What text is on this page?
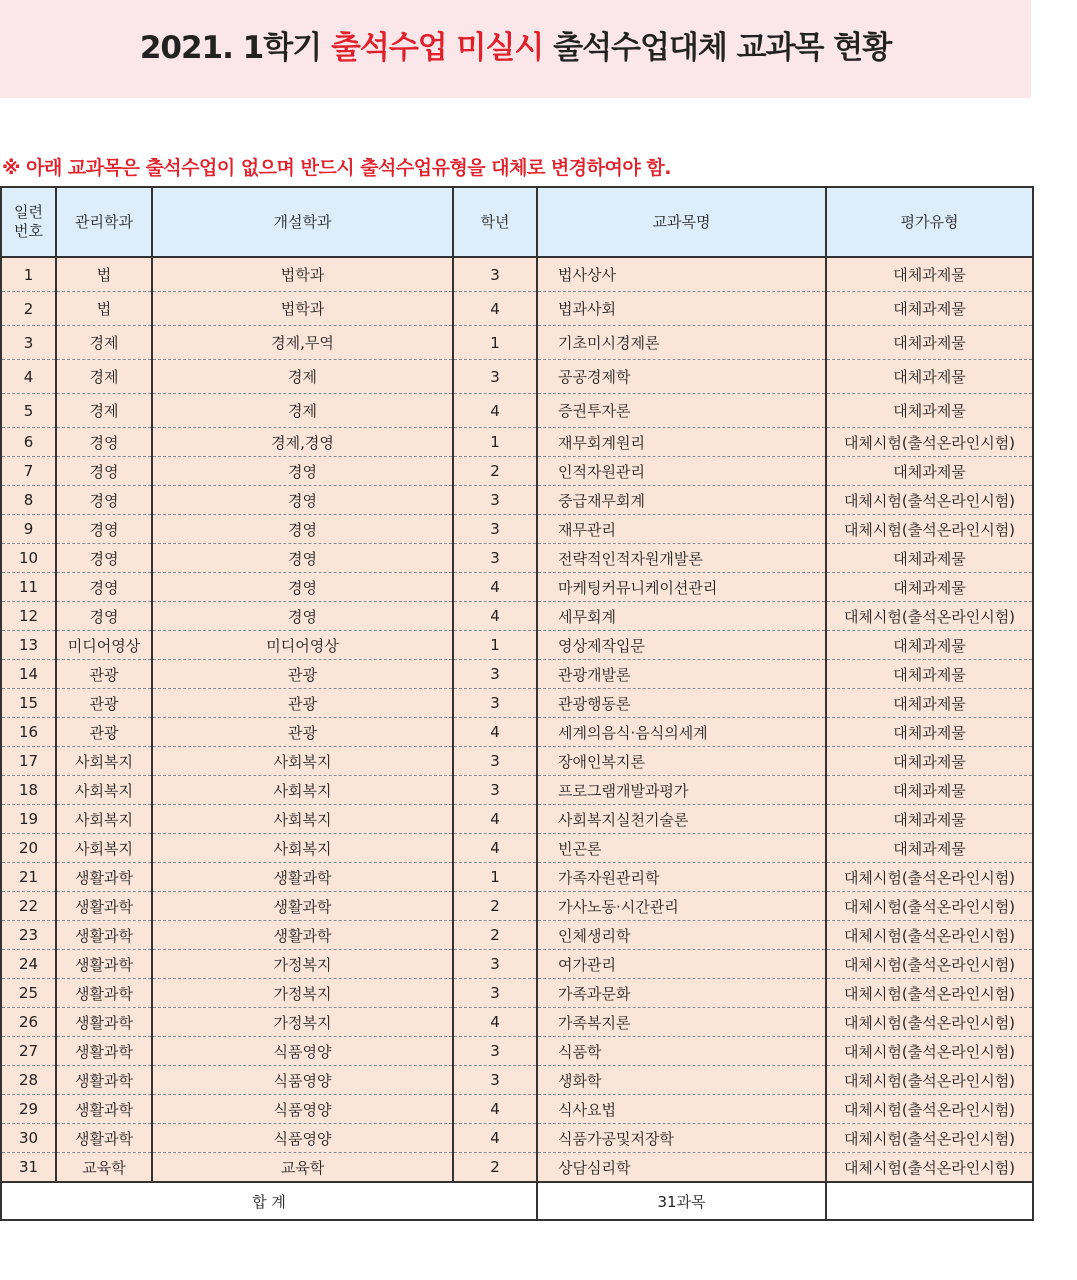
2021. 1학기 출석수업 미실시 출석수업대체 교과목 현황
※ 아래 교과목은 출석수업이 없으며 반드시 출석수업유형을 대체로 변경하여야 함.
일련
번호	관리학과	개설학과	학년	교과목명	평가유형
1	법	법학과	3	법사상사	대체과제물
2	법	법학과	4	법과사회	대체과제물
3	경제	경제,무역	1	기초미시경제론	대체과제물
4	경제	경제	3	공공경제학	대체과제물
5	경제	경제	4	증권투자론	대체과제물
6	경영	경제,경영	1	재무회계원리	대체시험(출석온라인시험)
7	경영	경영	2	인적자원관리	대체과제물
8	경영	경영	3	중급재무회계	대체시험(출석온라인시험)
9	경영	경영	3	재무관리	대체시험(출석온라인시험)
10	경영	경영	3	전략적인적자원개발론	대체과제물
11	경영	경영	4	마케팅커뮤니케이션관리	대체과제물
12	경영	경영	4	세무회계	대체시험(출석온라인시험)
13	미디어영상	미디어영상	1	영상제작입문	대체과제물
14	관광	관광	3	관광개발론	대체과제물
15	관광	관광	3	관광행동론	대체과제물
16	관광	관광	4	세계의음식·음식의세계	대체과제물
17	사회복지	사회복지	3	장애인복지론	대체과제물
18	사회복지	사회복지	3	프로그램개발과평가	대체과제물
19	사회복지	사회복지	4	사회복지실천기술론	대체과제물
20	사회복지	사회복지	4	빈곤론	대체과제물
21	생활과학	생활과학	1	가족자원관리학	대체시험(출석온라인시험)
22	생활과학	생활과학	2	가사노동·시간관리	대체시험(출석온라인시험)
23	생활과학	생활과학	2	인체생리학	대체시험(출석온라인시험)
24	생활과학	가정복지	3	여가관리	대체시험(출석온라인시험)
25	생활과학	가정복지	3	가족과문화	대체시험(출석온라인시험)
26	생활과학	가정복지	4	가족복지론	대체시험(출석온라인시험)
27	생활과학	식품영양	3	식품학	대체시험(출석온라인시험)
28	생활과학	식품영양	3	생화학	대체시험(출석온라인시험)
29	생활과학	식품영양	4	식사요법	대체시험(출석온라인시험)
30	생활과학	식품영양	4	식품가공및저장학	대체시험(출석온라인시험)
31	교육학	교육학	2	상담심리학	대체시험(출석온라인시험)
합 계				31과목	
